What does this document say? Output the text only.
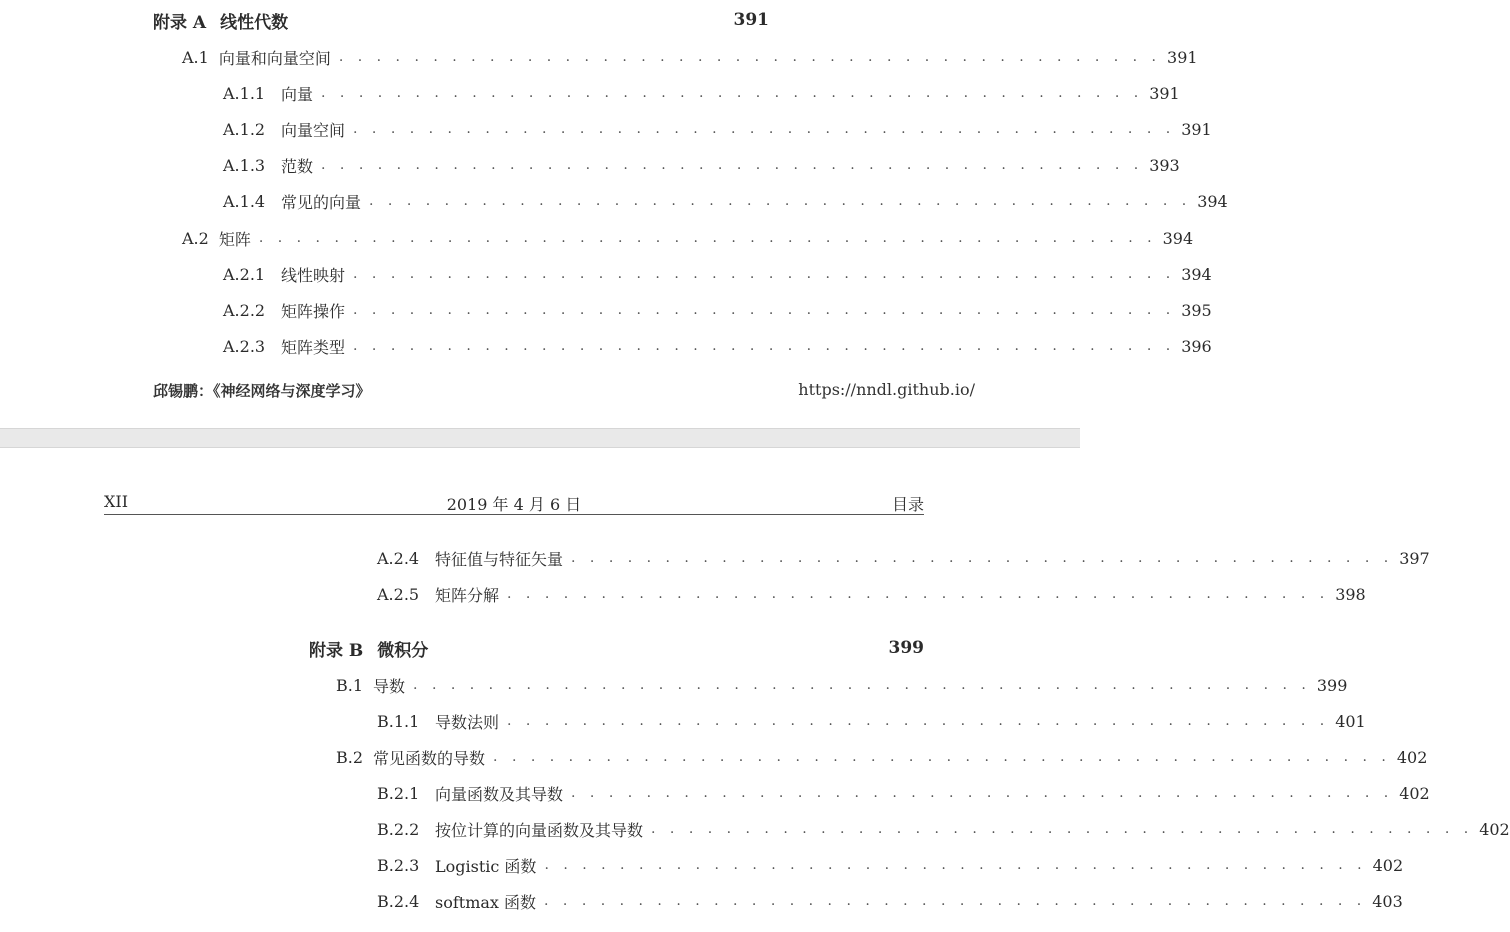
附录 A 线性代数	391
A.1 向量和向量空间 . . . . . . . . . . . . . . . . . . . . . . . . . . . . . . . . . . . . . . . . . . . . 391
A.1.1 向量 . . . . . . . . . . . . . . . . . . . . . . . . . . . . . . . . . . . . . . . . . . . . 391
A.1.2 向量空间 . . . . . . . . . . . . . . . . . . . . . . . . . . . . . . . . . . . . . . . . . . . . 391
A.1.3 范数 . . . . . . . . . . . . . . . . . . . . . . . . . . . . . . . . . . . . . . . . . . . . 393
A.1.4 常见的向量 . . . . . . . . . . . . . . . . . . . . . . . . . . . . . . . . . . . . . . . . . . . . 394
A.2 矩阵 . . . . . . . . . . . . . . . . . . . . . . . . . . . . . . . . . . . . . . . . . . . . . . . . 394
A.2.1 线性映射 . . . . . . . . . . . . . . . . . . . . . . . . . . . . . . . . . . . . . . . . . . . . 394
A.2.2 矩阵操作 . . . . . . . . . . . . . . . . . . . . . . . . . . . . . . . . . . . . . . . . . . . . 395
A.2.3 矩阵类型 . . . . . . . . . . . . . . . . . . . . . . . . . . . . . . . . . . . . . . . . . . . . 396
邱锡鹏：《神经网络与深度学习》	https://nndl.github.io/
XII	2019 年 4 月 6 日	目录
A.2.4 特征值与特征矢量 . . . . . . . . . . . . . . . . . . . . . . . . . . . . . . . . . . . . . . . . . . . . 397
A.2.5 矩阵分解 . . . . . . . . . . . . . . . . . . . . . . . . . . . . . . . . . . . . . . . . . . . . 398
附录 B 微积分	399
B.1 导数 . . . . . . . . . . . . . . . . . . . . . . . . . . . . . . . . . . . . . . . . . . . . . . . . 399
B.1.1 导数法则 . . . . . . . . . . . . . . . . . . . . . . . . . . . . . . . . . . . . . . . . . . . . 401
B.2 常见函数的导数 . . . . . . . . . . . . . . . . . . . . . . . . . . . . . . . . . . . . . . . . . . . . . . . . 402
B.2.1 向量函数及其导数 . . . . . . . . . . . . . . . . . . . . . . . . . . . . . . . . . . . . . . . . . . . . 402
B.2.2 按位计算的向量函数及其导数 . . . . . . . . . . . . . . . . . . . . . . . . . . . . . . . . . . . . . . . . . . . . 402
B.2.3 Logistic 函数 . . . . . . . . . . . . . . . . . . . . . . . . . . . . . . . . . . . . . . . . . . . . 402
B.2.4 softmax 函数 . . . . . . . . . . . . . . . . . . . . . . . . . . . . . . . . . . . . . . . . . . . . 403
